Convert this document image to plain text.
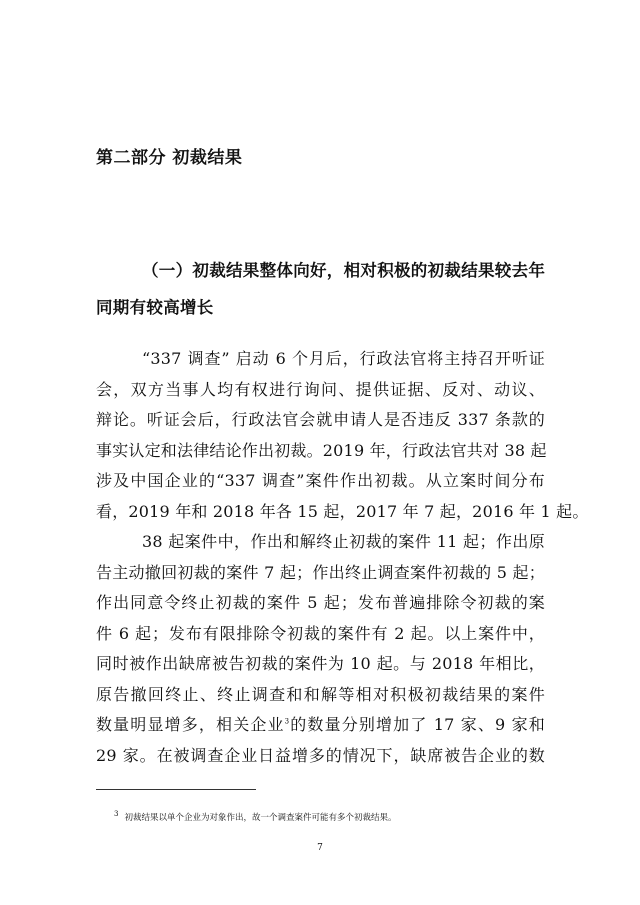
第二部分 初裁结果
（一）初裁结果整体向好，相对积极的初裁结果较去年
同期有较高增长
“337 调查” 启动 6 个月后，行政法官将主持召开听证
会，双方当事人均有权进行询问、提供证据、反对、动议、
辩论。听证会后，行政法官会就申请人是否违反 337 条款的
事实认定和法律结论作出初裁。2019 年，行政法官共对 38 起
涉及中国企业的“337 调查”案件作出初裁。从立案时间分布
看，2019 年和 2018 年各 15 起，2017 年 7 起，2016 年 1 起。
38 起案件中，作出和解终止初裁的案件 11 起；作出原
告主动撤回初裁的案件 7 起；作出终止调查案件初裁的 5 起；
作出同意令终止初裁的案件 5 起；发布普遍排除令初裁的案
件 6 起；发布有限排除令初裁的案件有 2 起。以上案件中，
同时被作出缺席被告初裁的案件为 10 起。与 2018 年相比，
原告撤回终止、终止调查和和解等相对积极初裁结果的案件
数量明显增多，相关企业$^3$的数量分别增加了 17 家、9 家和
29 家。在被调查企业日益增多的情况下，缺席被告企业的数
$^3$ 初裁结果以单个企业为对象作出，故一个调查案件可能有多个初裁结果。
7
